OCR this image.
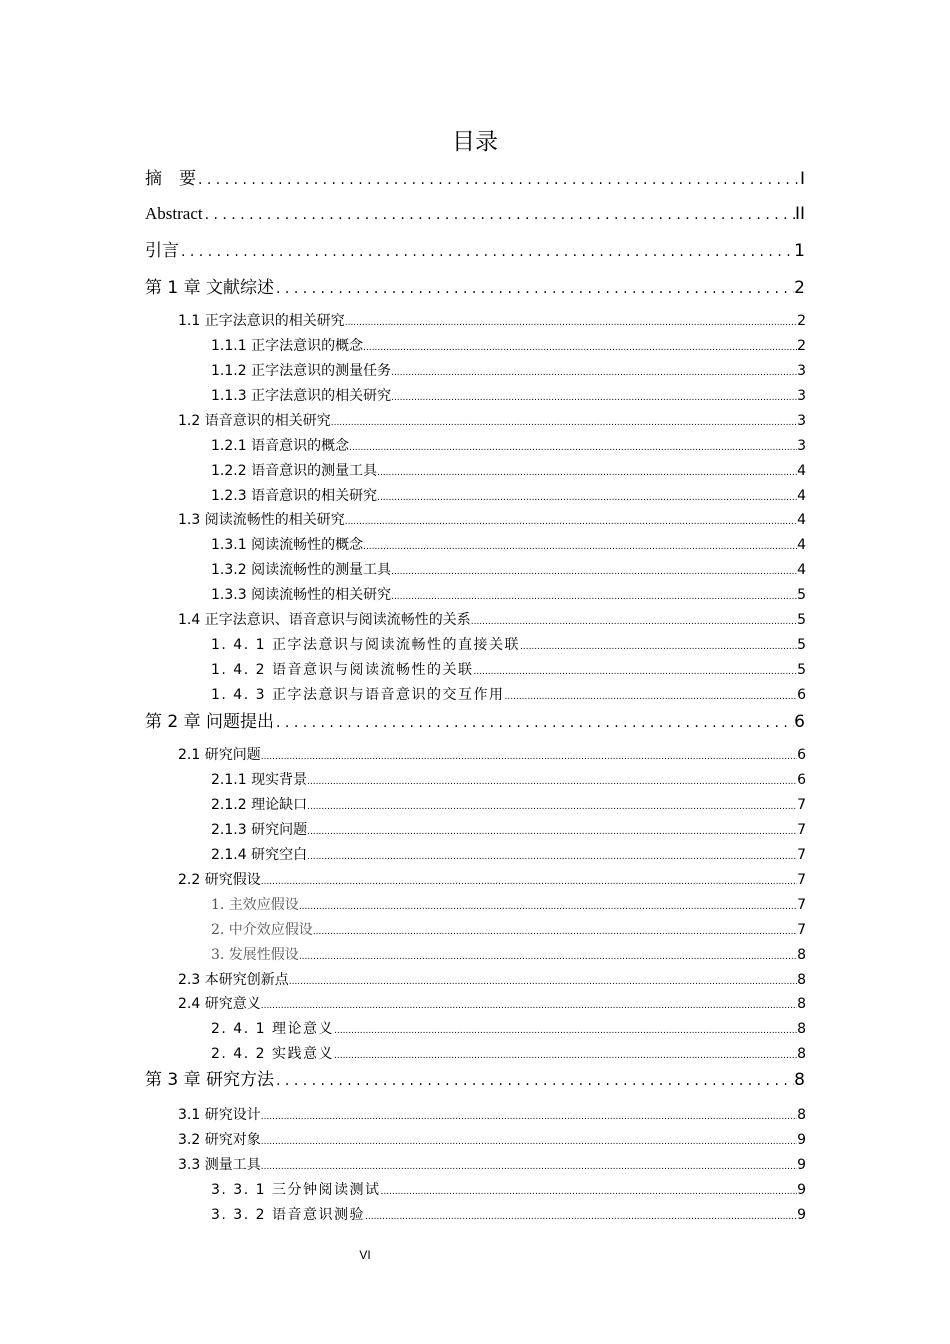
目录
摘　要 . . .	I
Abstract . . .	II
引言 . . .	1
第 1 章 文献综述 . . .	2
1.1 正字法意识的相关研究 .....	2
1.1.1 正字法意识的概念 .....	2
1.1.2 正字法意识的测量任务 .....	3
1.1.3 正字法意识的相关研究 .....	3
1.2 语音意识的相关研究 .....	3
1.2.1 语音意识的概念 .....	3
1.2.2 语音意识的测量工具 .....	4
1.2.3 语音意识的相关研究 .....	4
1.3 阅读流畅性的相关研究 .....	4
1.3.1 阅读流畅性的概念 .....	4
1.3.2 阅读流畅性的测量工具 .....	4
1.3.3 阅读流畅性的相关研究 .....	5
1.4 正字法意识、语音意识与阅读流畅性的关系 .....	5
1. 4. 1 正字法意识与阅读流畅性的直接关联 .....	5
1. 4. 2 语音意识与阅读流畅性的关联 .....	5
1. 4. 3 正字法意识与语音意识的交互作用 .....	6
第 2 章 问题提出 . . .	6
2.1 研究问题 .....	6
2.1.1 现实背景 .....	6
2.1.2 理论缺口 .....	7
2.1.3 研究问题 .....	7
2.1.4 研究空白 .....	7
2.2 研究假设 .....	7
1. 主效应假设 .....	7
2. 中介效应假设 .....	7
3. 发展性假设 .....	8
2.3 本研究创新点 .....	8
2.4 研究意义 .....	8
2. 4. 1 理论意义 .....	8
2. 4. 2 实践意义 .....	8
第 3 章 研究方法 . . .	8
3.1 研究设计 .....	8
3.2 研究对象 .....	9
3.3 测量工具 .....	9
3. 3. 1 三分钟阅读测试 .....	9
3. 3. 2 语音意识测验 .....	9
VI
